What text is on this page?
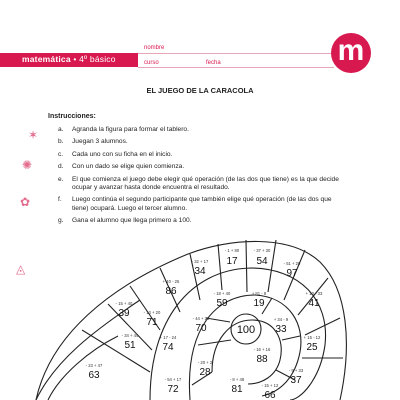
matemática • 4º básico
nombre
curso	fecha	m
✶
✺
✿
◬
EL JUEGO DE LA CARACOLA
Instrucciones:
a.	Agranda la figura para formar el tablero.
b.	Juegan 3 alumnos.
c.	Cada uno con su ficha en el inicio.
d.	Con un dado se elige quien comienza.
e.	El que comienza el juego debe elegir qué operación (de las dos que tiene) es la que decide ocupar y avanzar hasta donde encuentra el resultado.
f.	Luego continúa el segundo participante que también elige qué operación (de las dos que tiene) ocupará. Luego el tercer alumno.
g.	Gana el alumno que llega primero a 100.
17 54
97
34
86
59	19	41
71
39
70	33
25
51	74
72
88
28
63	37
81
66
100
- 1 + 80	- 37 + 30
- 51 + 20
- 32 + 17
+ 40 - 25
- 18 + 40	+ 81 - 8	+ 10 - 33
- 13 + 20
- 15 + 40
- 44 + 20	+ 34 - 9
+ 15 - 12
- 34 + 44	+ 17 - 24
- 54 + 17
- 16 + 16
- 20 + 2
- 23 + 47
- 9 + 33
- 8 + 48
- 15 + 12
